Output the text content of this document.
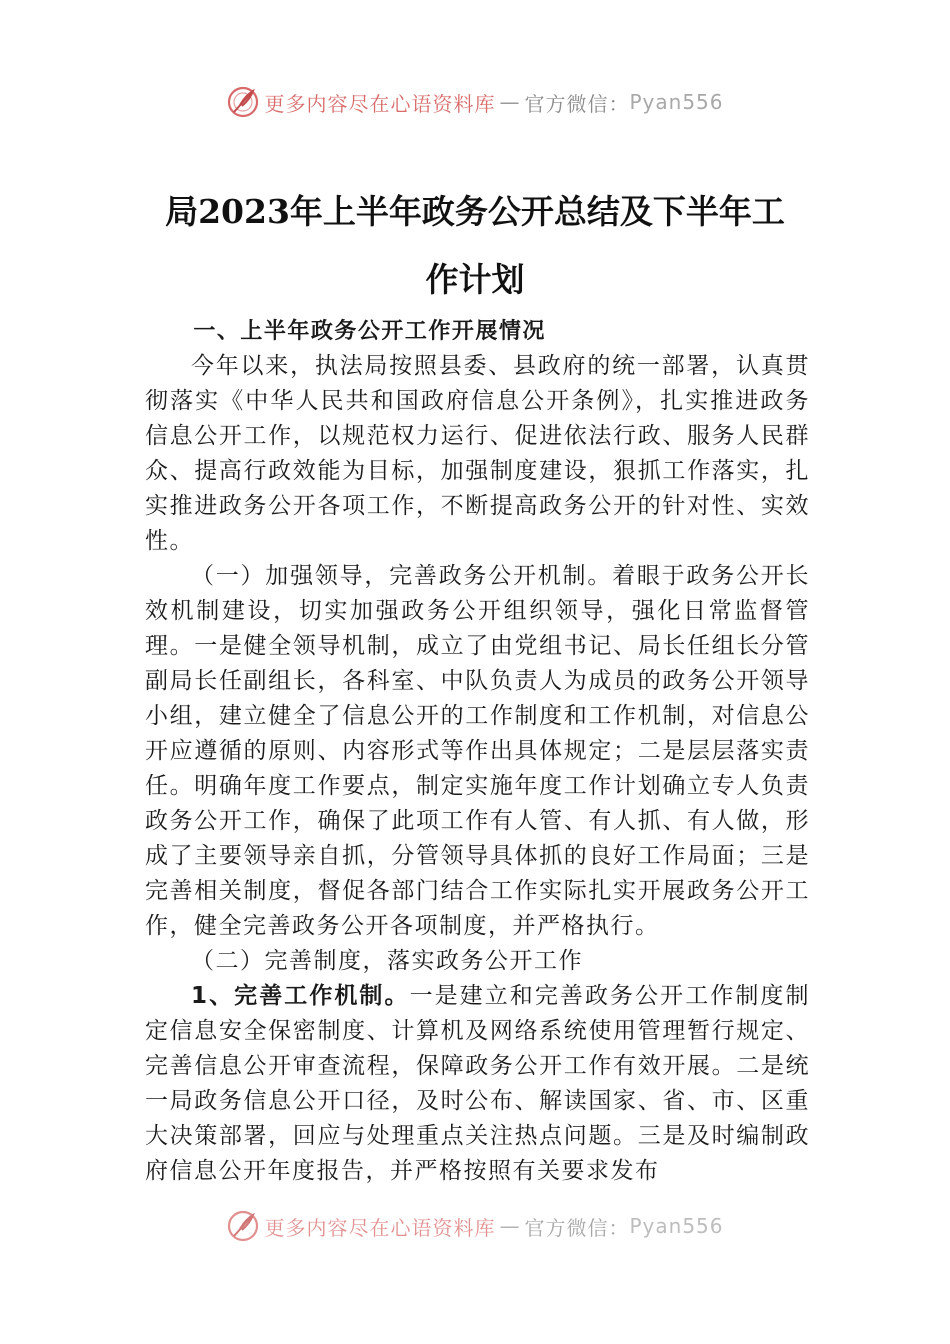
更多内容尽在心语资料库 — 官方微信： Pyan556
局2023年上半年政务公开总结及下半年工
作计划

一、上半年政务公开工作开展情况

今年以来，执法局按照县委、县政府的统一部署，认真贯彻落实《中华人民共和国政府信息公开条例》，扎实推进政务信息公开工作，以规范权力运行、促进依法行政、服务人民群众、提高行政效能为目标，加强制度建设，狠抓工作落实，扎实推进政务公开各项工作，不断提高政务公开的针对性、实效性。

（一）加强领导，完善政务公开机制。着眼于政务公开长效机制建设，切实加强政务公开组织领导，强化日常监督管理。一是健全领导机制，成立了由党组书记、局长任组长分管副局长任副组长，各科室、中队负责人为成员的政务公开领导小组，建立健全了信息公开的工作制度和工作机制，对信息公开应遵循的原则、内容形式等作出具体规定；二是层层落实责任。明确年度工作要点，制定实施年度工作计划确立专人负责政务公开工作，确保了此项工作有人管、有人抓、有人做，形成了主要领导亲自抓，分管领导具体抓的良好工作局面；三是完善相关制度，督促各部门结合工作实际扎实开展政务公开工作，健全完善政务公开各项制度，并严格执行。

（二）完善制度，落实政务公开工作

1、完善工作机制。一是建立和完善政务公开工作制度制定信息安全保密制度、计算机及网络系统使用管理暂行规定、完善信息公开审查流程，保障政务公开工作有效开展。二是统一局政务信息公开口径，及时公布、解读国家、省、市、区重大决策部署，回应与处理重点关注热点问题。三是及时编制政府信息公开年度报告，并严格按照有关要求发布

更多内容尽在心语资料库 — 官方微信： Pyan556
